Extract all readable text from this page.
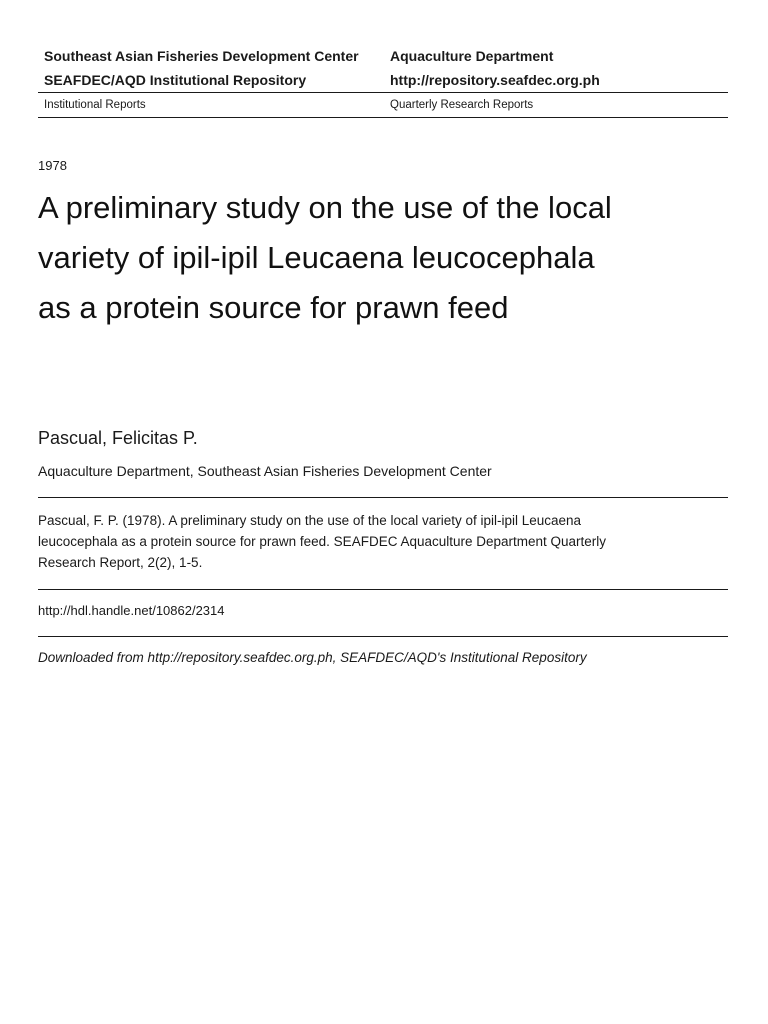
Southeast Asian Fisheries Development Center	Aquaculture Department
SEAFDEC/AQD Institutional Repository	http://repository.seafdec.org.ph
Institutional Reports	Quarterly Research Reports
1978
A preliminary study on the use of the local variety of ipil-ipil Leucaena leucocephala as a protein source for prawn feed
Pascual, Felicitas P.
Aquaculture Department, Southeast Asian Fisheries Development Center
Pascual, F. P. (1978). A preliminary study on the use of the local variety of ipil-ipil Leucaena leucocephala as a protein source for prawn feed. SEAFDEC Aquaculture Department Quarterly Research Report, 2(2), 1-5.
http://hdl.handle.net/10862/2314
Downloaded from http://repository.seafdec.org.ph, SEAFDEC/AQD's Institutional Repository
